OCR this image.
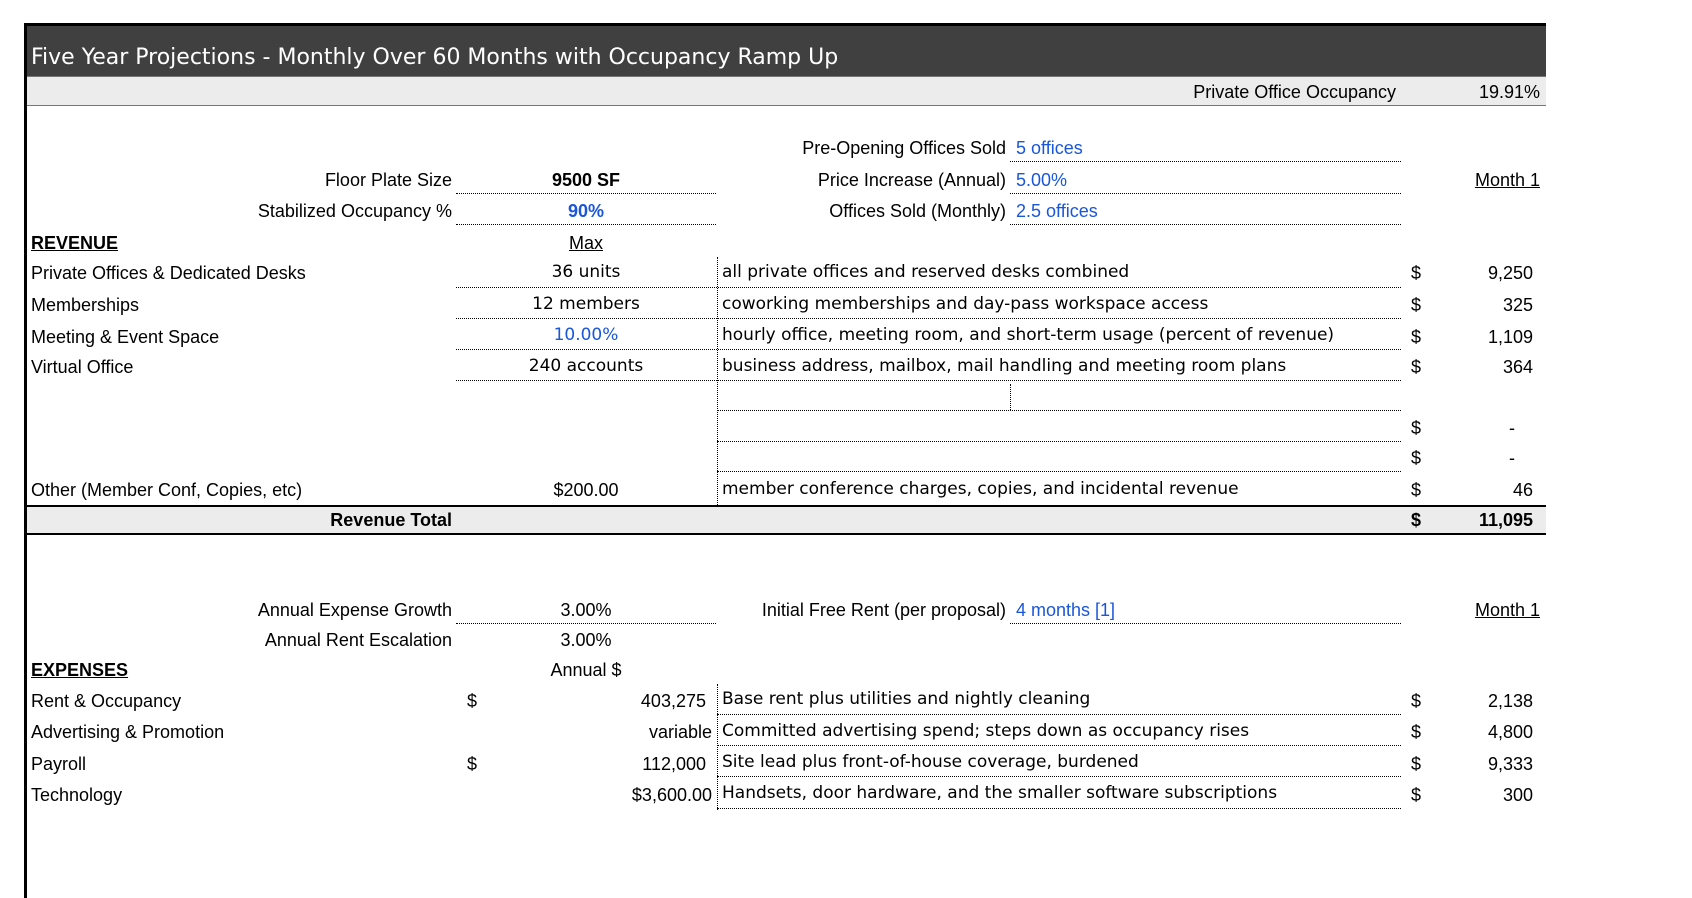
Five Year Projections - Monthly Over 60 Months with Occupancy Ramp Up
Private Office Occupancy	19.91%
Floor Plate Size	9500 SF
Stabilized Occupancy %	90%
Pre-Opening Offices Sold 5 offices
Price Increase (Annual) 5.00%
Offices Sold (Monthly) 2.5 offices
Month 1
REVENUE	Max
Private Offices & Dedicated Desks	36 units	all private offices and reserved desks combined	$	9,250
Memberships	12 members	coworking memberships and day-pass workspace access	$	325
Meeting & Event Space	10.00%	hourly office, meeting room, and short-term usage (percent of revenue)	$	1,109
Virtual Office	240 accounts	business address, mailbox, mail handling and meeting room plans	$	364
$	-
$	-
Other (Member Conf, Copies, etc)	$200.00	member conference charges, copies, and incidental revenue	$	46
Revenue Total	$	11,095
Annual Expense Growth	3.00%
Annual Rent Escalation	3.00%
Initial Free Rent (per proposal) 4 months [1]	Month 1
EXPENSES	Annual $
Rent & Occupancy	$	403,275 Base rent plus utilities and nightly cleaning	$	2,138
Advertising & Promotion	variable Committed advertising spend; steps down as occupancy rises	$	4,800
Payroll	$	112,000 Site lead plus front-of-house coverage, burdened	$	9,333
Technology	$3,600.00 Handsets, door hardware, and the smaller software subscriptions	$	300
